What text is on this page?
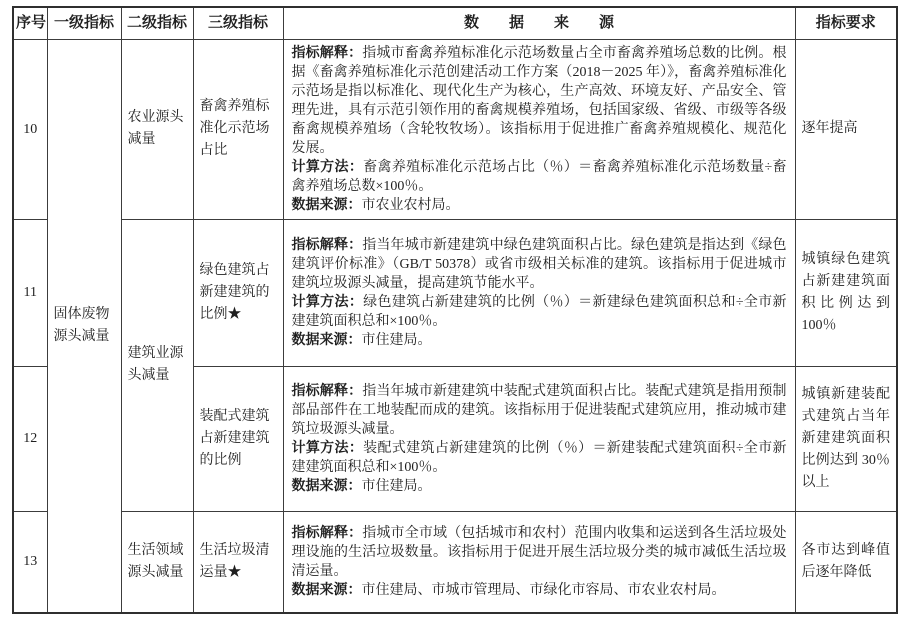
序号	一级指标	二级指标	三级指标	数　　据　　来　　源	指标要求
10	固体废物源头减量	农业源头减量	畜禽养殖标准化示范场占比	指标解释：指城市畜禽养殖标准化示范场数量占全市畜禽养殖场总数的比例。根据《畜禽养殖标准化示范创建活动工作方案（2018－2025 年）》，畜禽养殖标准化示范场是指以标准化、现代化生产为核心，生产高效、环境友好、产品安全、管理先进，具有示范引领作用的畜禽规模养殖场，包括国家级、省级、市级等各级畜禽规模养殖场（含轮牧牧场）。该指标用于促进推广畜禽养殖规模化、规范化发展。

计算方法：畜禽养殖标准化示范场占比（％）＝畜禽养殖标准化示范场数量÷畜禽养殖场总数×100％。

数据来源：市农业农村局。	逐年提高
11		建筑业源头减量	绿色建筑占新建建筑的比例★	指标解释：指当年城市新建建筑中绿色建筑面积占比。绿色建筑是指达到《绿色建筑评价标准》（GB/T 50378）或省市级相关标准的建筑。该指标用于促进城市建筑垃圾源头减量，提高建筑节能水平。

计算方法：绿色建筑占新建建筑的比例（％）＝新建绿色建筑面积总和÷全市新建建筑面积总和×100％。

数据来源：市住建局。	城镇绿色建筑占新建建筑面积比例达到100％
12			装配式建筑占新建建筑的比例	指标解释：指当年城市新建建筑中装配式建筑面积占比。装配式建筑是指用预制部品部件在工地装配而成的建筑。该指标用于促进装配式建筑应用，推动城市建筑垃圾源头减量。

计算方法：装配式建筑占新建建筑的比例（％）＝新建装配式建筑面积÷全市新建建筑面积总和×100％。

数据来源：市住建局。	城镇新建装配式建筑占当年新建建筑面积比例达到 30％以上
13		生活领域源头减量	生活垃圾清运量★	指标解释：指城市全市域（包括城市和农村）范围内收集和运送到各生活垃圾处理设施的生活垃圾数量。该指标用于促进开展生活垃圾分类的城市减低生活垃圾清运量。

数据来源：市住建局、市城市管理局、市绿化市容局、市农业农村局。	各市达到峰值后逐年降低
